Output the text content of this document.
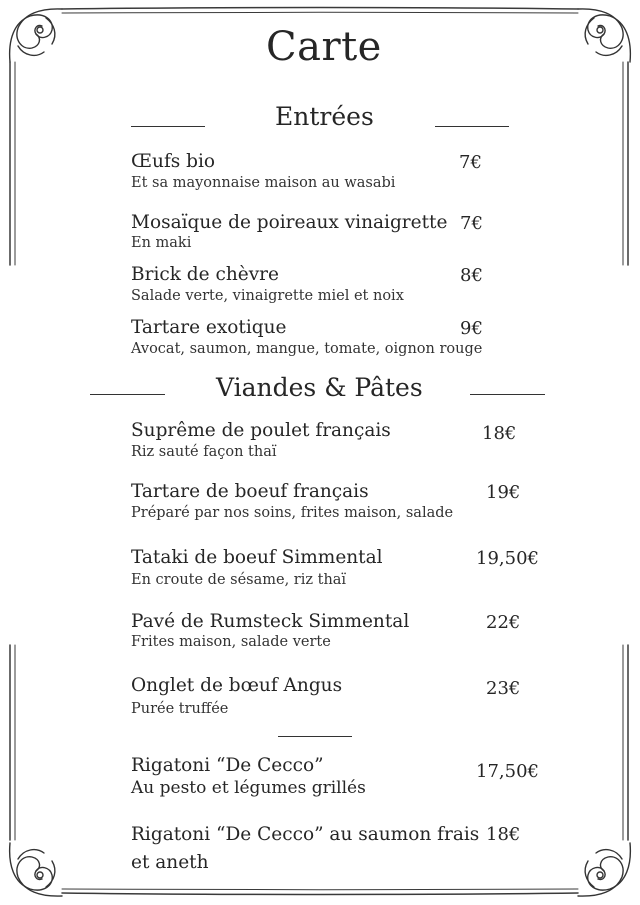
Carte
Entrées
Œufs bio	7€
Et sa mayonnaise maison au wasabi
Mosaïque de poireaux vinaigrette 7€
En maki
Brick de chèvre	8€
Salade verte, vinaigrette miel et noix
Tartare exotique	9€
Avocat, saumon, mangue, tomate, oignon rouge
Viandes & Pâtes
Suprême de poulet français	18€
Riz sauté façon thaï
Tartare de boeuf français	19€
Préparé par nos soins, frites maison, salade
Tataki de boeuf Simmental	19,50€
En croute de sésame, riz thaï
Pavé de Rumsteck Simmental	22€
Frites maison, salade verte
Onglet de bœuf Angus	23€
Purée truffée
Rigatoni “De Cecco”	17,50€
Au pesto et légumes grillés
Rigatoni “De Cecco” au saumon frais 18€
et aneth
